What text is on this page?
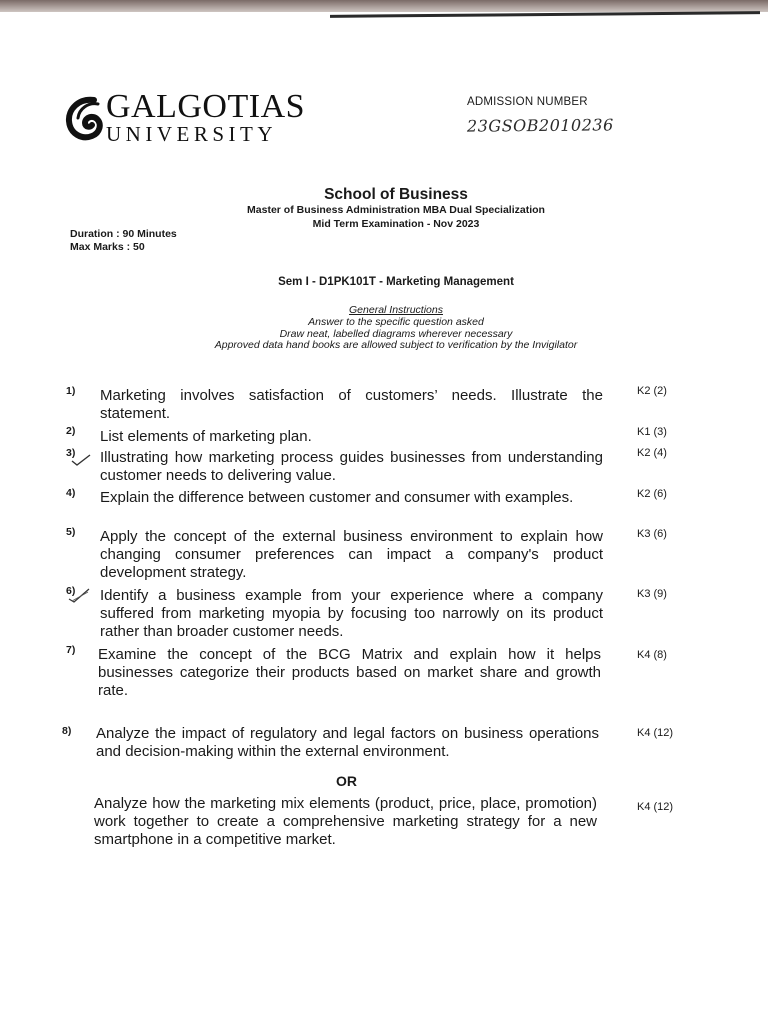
GALGOTIAS
UNIVERSITY
ADMISSION NUMBER
23GSOB2010236
School of Business
Master of Business Administration MBA Dual Specialization
Mid Term Examination - Nov 2023
Duration : 90 Minutes
Max Marks : 50
Sem I - D1PK101T - Marketing Management
General Instructions
Answer to the specific question asked
Draw neat, labelled diagrams wherever necessary
Approved data hand books are allowed subject to verification by the Invigilator
1) Marketing involves satisfaction of customers’ needs. Illustrate the statement.
K2 (2)
2) List elements of marketing plan.	K1 (3)
3) Illustrating how marketing process guides businesses from understanding customer needs to delivering value.
K2 (4)
4) Explain the difference between customer and consumer with examples.	K2 (6)
5) Apply the concept of the external business environment to explain how changing consumer preferences can impact a company's product development strategy.
K3 (6)
6) Identify a business example from your experience where a company suffered from marketing myopia by focusing too narrowly on its product rather than broader customer needs.
K3 (9)
7) Examine the concept of the BCG Matrix and explain how it helps businesses categorize their products based on market share and growth rate.
K4 (8)
8) Analyze the impact of regulatory and legal factors on business operations and decision-making within the external environment.
K4 (12)
OR
Analyze how the marketing mix elements (product, price, place, promotion) work together to create a comprehensive marketing strategy for a new smartphone in a competitive market.
K4 (12)
